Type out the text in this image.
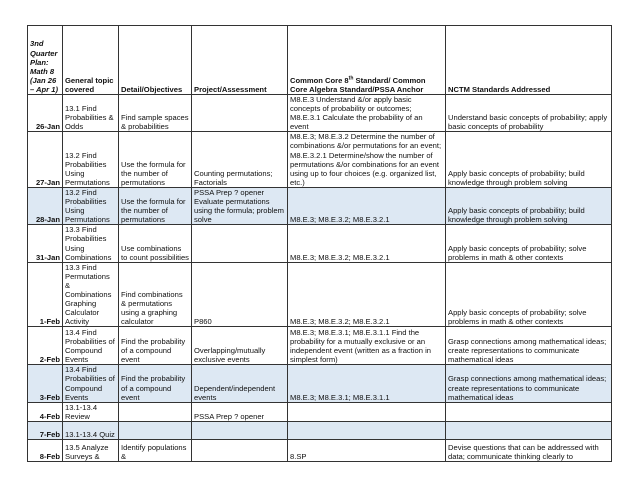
3nd Quarter Plan: Math 8 (Jan 26 – Apr 1)	General topic covered	Detail/Objectives	Project/Assessment	Common Core 8th Standard/ Common Core Algebra Standard/PSSA Anchor	NCTM Standards Addressed
26-Jan	13.1 Find Probabilities & Odds	Find sample spaces & probabilities		M8.E.3 Understand &/or apply basic concepts of probability or outcomes; M8.E.3.1 Calculate the probability of an event	Understand basic concepts of probability; apply basic concepts of probability
27-Jan	13.2 Find Probabilities Using Permutations	Use the formula for the number of permutations	Counting permutations; Factorials	M8.E.3; M8.E.3.2 Determine the number of combinations &/or permutations for an event; M8.E.3.2.1 Determine/show the number of permutations &/or combinations for an event using up to four choices (e.g. organized list, etc.)	Apply basic concepts of probability; build knowledge through problem solving
28-Jan	13.2 Find Probabilities Using Permutations	Use the formula for the number of permutations	PSSA Prep ? opener Evaluate permutations using the formula; problem solve	M8.E.3; M8.E.3.2; M8.E.3.2.1	Apply basic concepts of probability; build knowledge through problem solving
31-Jan	13.3 Find Probabilities Using Combinations	Use combinations to count possibilities		M8.E.3; M8.E.3.2; M8.E.3.2.1	Apply basic concepts of probability; solve problems in math & other contexts
1-Feb	13.3 Find Permutations & Combinations Graphing Calculator Activity	Find combinations & permutations using a graphing calculator	P860	M8.E.3; M8.E.3.2; M8.E.3.2.1	Apply basic concepts of probability; solve problems in math & other contexts
2-Feb	13.4 Find Probabilities of Compound Events	Find the probability of a compound event	Overlapping/mutually exclusive events	M8.E.3; M8.E.3.1; M8.E.3.1.1 Find the probability for a mutually exclusive or an independent event (written as a fraction in simplest form)	Grasp connections among mathematical ideas; create representations to communicate mathematical ideas
3-Feb	13.4 Find Probabilities of Compound Events	Find the probability of a compound event	Dependent/independent events	M8.E.3; M8.E.3.1; M8.E.3.1.1	Grasp connections among mathematical ideas; create representations to communicate mathematical ideas
4-Feb	13.1-13.4 Review		PSSA Prep ? opener		
7-Feb	13.1-13.4 Quiz				
8-Feb	13.5 Analyze Surveys &	Identify populations &		8.SP	Devise questions that can be addressed with data; communicate thinking clearly to
